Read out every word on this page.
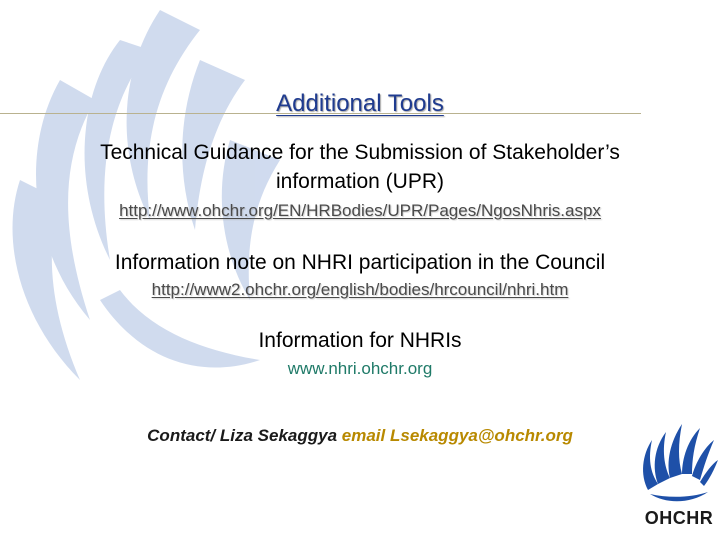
Additional Tools
Technical Guidance for the Submission of Stakeholder’s
information (UPR)
http://www.ohchr.org/EN/HRBodies/UPR/Pages/NgosNhris.aspx
Information note on NHRI participation in the Council
http://www2.ohchr.org/english/bodies/hrcouncil/nhri.htm
Information for NHRIs
www.nhri.ohchr.org
Contact/ Liza Sekaggya email Lsekaggya@ohchr.org
OHCHR
